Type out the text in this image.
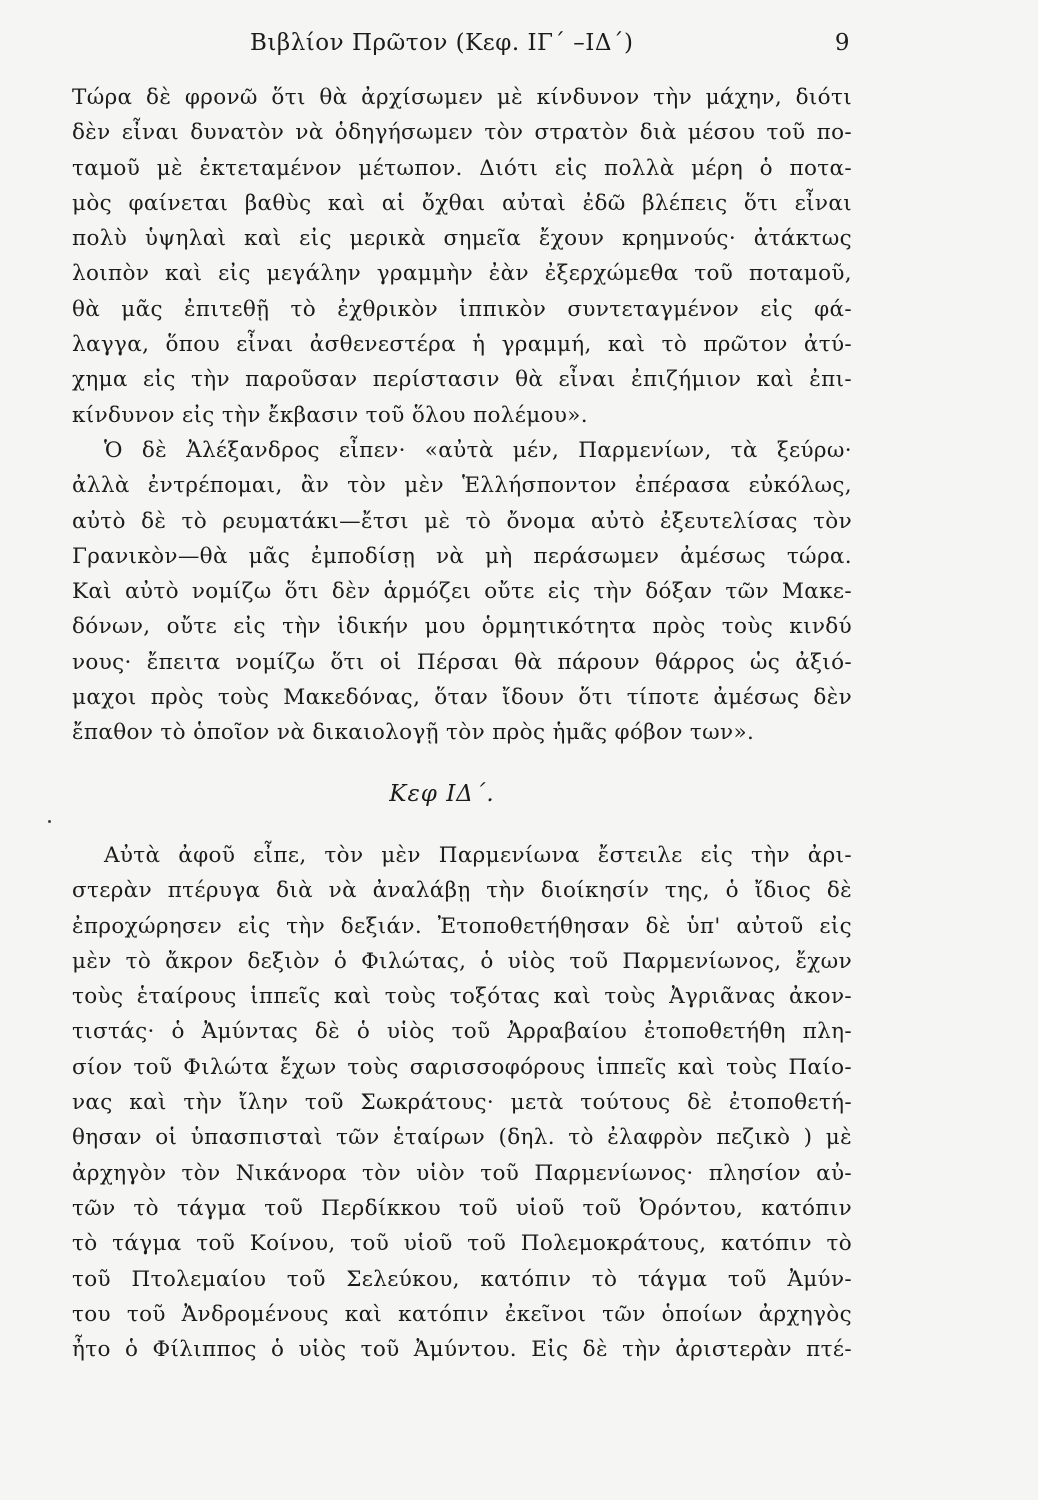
Βιβλίον Πρῶτον (Κεφ. ΙΓ΄ –ΙΔ΄)	9
Τώρα δὲ φρονῶ ὅτι θὰ ἀρχίσωμεν μὲ κίνδυνον τὴν μάχην, διότι
δὲν εἶναι δυνατὸν νὰ ὁδηγήσωμεν τὸν στρατὸν διὰ μέσου τοῦ πο-
ταμοῦ μὲ ἐκτεταμένον μέτωπον. Διότι εἰς πολλὰ μέρη ὁ ποτα-
μὸς φαίνεται βαθὺς καὶ αἱ ὄχθαι αὐταὶ ἐδῶ βλέπεις ὅτι εἶναι
πολὺ ὑψηλαὶ καὶ εἰς μερικὰ σημεῖα ἔχουν κρημνούς· ἀτάκτως
λοιπὸν καὶ εἰς μεγάλην γραμμὴν ἐὰν ἐξερχώμεθα τοῦ ποταμοῦ,
θὰ μᾶς ἐπιτεθῇ τὸ ἐχθρικὸν ἱππικὸν συντεταγμένον εἰς φά-
λαγγα, ὅπου εἶναι ἀσθενεστέρα ἡ γραμμή, καὶ τὸ πρῶτον ἀτύ-
χημα εἰς τὴν παροῦσαν περίστασιν θὰ εἶναι ἐπιζήμιον καὶ ἐπι-
κίνδυνον εἰς τὴν ἔκβασιν τοῦ ὅλου πολέμου».
Ὁ δὲ Ἀλέξανδρος εἶπεν· «αὐτὰ μέν, Παρμενίων, τὰ ξεύρω·
ἀλλὰ ἐντρέπομαι, ἂν τὸν μὲν Ἑλλήσποντον ἐπέρασα εὐκόλως,
αὐτὸ δὲ τὸ ρευματάκι—ἔτσι μὲ τὸ ὄνομα αὐτὸ ἐξευτελίσας τὸν
Γρανικὸν—θὰ μᾶς ἐμποδίσῃ νὰ μὴ περάσωμεν ἀμέσως τώρα.
Καὶ αὐτὸ νομίζω ὅτι δὲν ἁρμόζει οὔτε εἰς τὴν δόξαν τῶν Μακε-
δόνων, οὔτε εἰς τὴν ἰδικήν μου ὁρμητικότητα πρὸς τοὺς κινδύ
νους· ἔπειτα νομίζω ὅτι οἱ Πέρσαι θὰ πάρουν θάρρος ὡς ἀξιό-
μαχοι πρὸς τοὺς Μακεδόνας, ὅταν ἴδουν ὅτι τίποτε ἀμέσως δὲν
ἔπαθον τὸ ὁποῖον νὰ δικαιολογῇ τὸν πρὸς ἡμᾶς φόβον των».
Κεφ ΙΔ΄.
Αὐτὰ ἀφοῦ εἶπε, τὸν μὲν Παρμενίωνα ἔστειλε εἰς τὴν ἀρι-
στερὰν πτέρυγα διὰ νὰ ἀναλάβῃ τὴν διοίκησίν της, ὁ ἴδιος δὲ
ἐπροχώρησεν εἰς τὴν δεξιάν. Ἐτοποθετήθησαν δὲ ὑπ' αὐτοῦ εἰς
μὲν τὸ ἄκρον δεξιὸν ὁ Φιλώτας, ὁ υἱὸς τοῦ Παρμενίωνος, ἔχων
τοὺς ἑταίρους ἱππεῖς καὶ τοὺς τοξότας καὶ τοὺς Ἀγριᾶνας ἀκον-
τιστάς· ὁ Ἀμύντας δὲ ὁ υἱὸς τοῦ Ἀρραβαίου ἐτοποθετήθη πλη-
σίον τοῦ Φιλώτα ἔχων τοὺς σαρισσοφόρους ἱππεῖς καὶ τοὺς Παίο-
νας καὶ τὴν ἴλην τοῦ Σωκράτους· μετὰ τούτους δὲ ἐτοποθετή-
θησαν οἱ ὑπασπισταὶ τῶν ἑταίρων (δηλ. τὸ ἐλαφρὸν πεζικὸ ) μὲ
ἀρχηγὸν τὸν Νικάνορα τὸν υἱὸν τοῦ Παρμενίωνος· πλησίον αὐ-
τῶν τὸ τάγμα τοῦ Περδίκκου τοῦ υἱοῦ τοῦ Ὀρόντου, κατόπιν
τὸ τάγμα τοῦ Κοίνου, τοῦ υἱοῦ τοῦ Πολεμοκράτους, κατόπιν τὸ
τοῦ Πτολεμαίου τοῦ Σελεύκου, κατόπιν τὸ τάγμα τοῦ Ἀμύν-
του τοῦ Ἀνδρομένους καὶ κατόπιν ἐκεῖνοι τῶν ὁποίων ἀρχηγὸς
ἦτο ὁ Φίλιππος ὁ υἱὸς τοῦ Ἀμύντου. Εἰς δὲ τὴν ἀριστερὰν πτέ-
